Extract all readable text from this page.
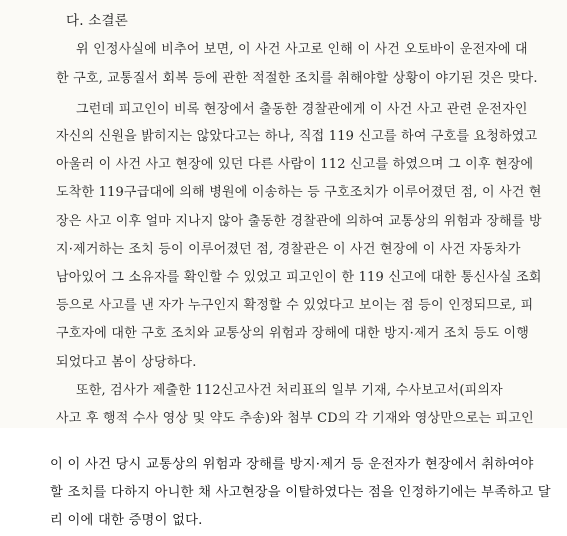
다. 소결론
위 인정사실에 비추어 보면, 이 사건 사고로 인해 이 사건 오토바이 운전자에 대
한 구호, 교통질서 회복 등에 관한 적절한 조치를 취해야할 상황이 야기된 것은 맞다.
그런데 피고인이 비록 현장에서 출동한 경찰관에게 이 사건 사고 관련 운전자인
자신의 신원을 밝히지는 않았다고는 하나, 직접 119 신고를 하여 구호를 요청하였고
아울러 이 사건 사고 현장에 있던 다른 사람이 112 신고를 하였으며 그 이후 현장에
도착한 119구급대에 의해 병원에 이송하는 등 구호조치가 이루어졌던 점, 이 사건 현
장은 사고 이후 얼마 지나지 않아 출동한 경찰관에 의하여 교통상의 위험과 장해를 방
지·제거하는 조치 등이 이루어졌던 점, 경찰관은 이 사건 현장에 이 사건 자동차가
남아있어 그 소유자를 확인할 수 있었고 피고인이 한 119 신고에 대한 통신사실 조회
등으로 사고를 낸 자가 누구인지 확정할 수 있었다고 보이는 점 등이 인정되므로, 피
구호자에 대한 구호 조치와 교통상의 위험과 장해에 대한 방지·제거 조치 등도 이행
되었다고 봄이 상당하다.
또한, 검사가 제출한 112신고사건 처리표의 일부 기재, 수사보고서(피의자
사고 후 행적 수사 영상 및 약도 추송)와 첨부 CD의 각 기재와 영상만으로는 피고인
이 이 사건 당시 교통상의 위험과 장해를 방지·제거 등 운전자가 현장에서 취하여야
할 조치를 다하지 아니한 채 사고현장을 이탈하였다는 점을 인정하기에는 부족하고 달
리 이에 대한 증명이 없다.
